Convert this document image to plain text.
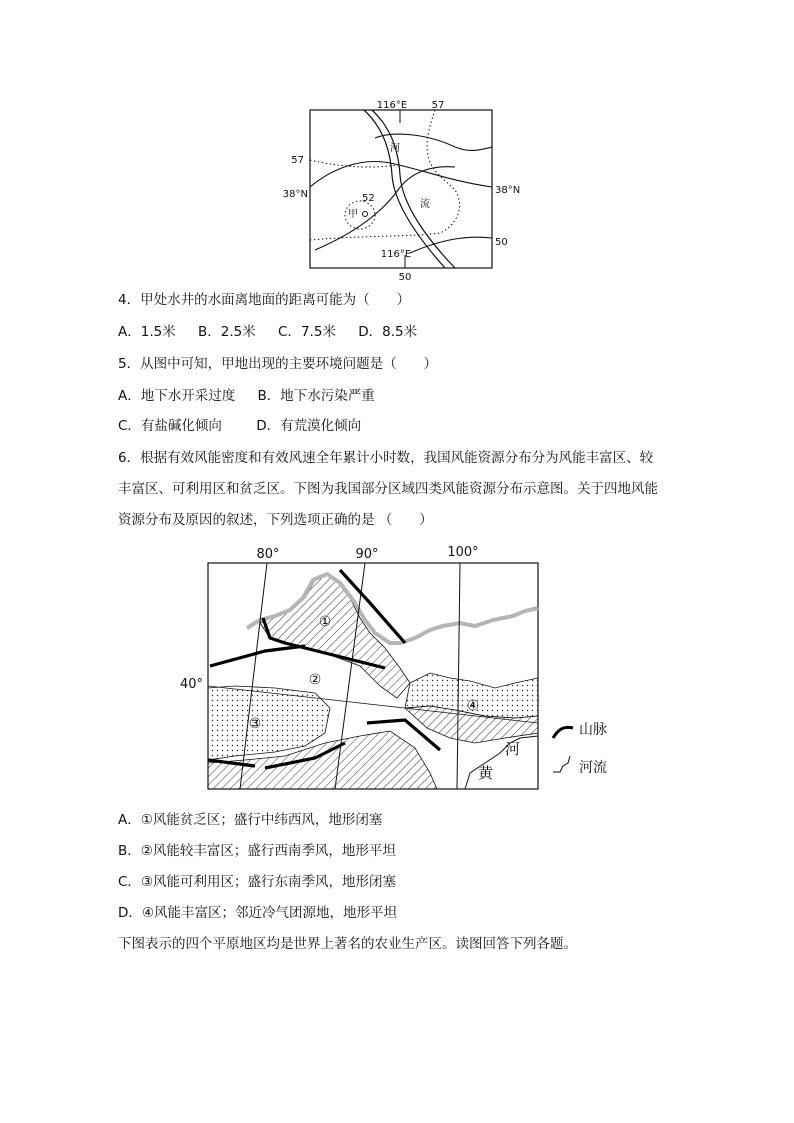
116°E 57
57
38°N	38°N
52
甲
河
流
50
116°E
50
4．甲处水井的水面离地面的距离可能为（　　）
A．1.5米 B．2.5米 C．7.5米 D．8.5米
5．从图中可知，甲地出现的主要环境问题是（　　）
A．地下水开采过度 B．地下水污染严重
C．有盐碱化倾向	D．有荒漠化倾向
6．根据有效风能密度和有效风速全年累计小时数，我国风能资源分布分为风能丰富区、较
丰富区、可利用区和贫乏区。下图为我国部分区域四类风能资源分布示意图。关于四地风能
资源分布及原因的叙述，下列选项正确的是 （　　）
80°	90°	100°
40°
①
②
③
④
河
黄
山脉
河流
A．①风能贫乏区；盛行中纬西风，地形闭塞
B．②风能较丰富区；盛行西南季风，地形平坦
C．③风能可利用区；盛行东南季风，地形闭塞
D．④风能丰富区；邻近冷气团源地，地形平坦
下图表示的四个平原地区均是世界上著名的农业生产区。读图回答下列各题。
